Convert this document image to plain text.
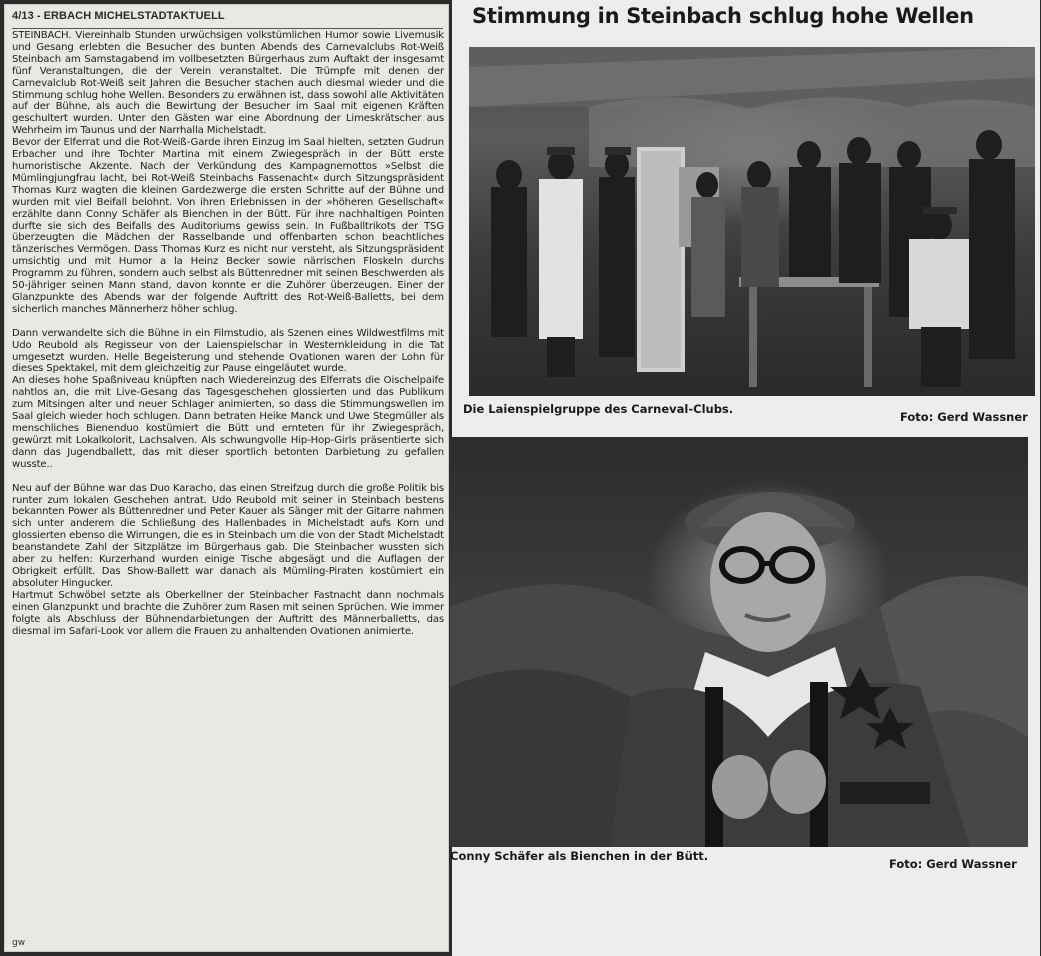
4/13 - ERBACH MICHELSTADTAKTUELL

STEINBACH. Viereinhalb Stunden urwüchsigen volkstümlichen Humor sowie Livemusik und Gesang erlebten die Besucher des bunten Abends des Carnevalclubs Rot-Weiß Steinbach am Samstagabend im vollbesetzten Bürgerhaus zum Auftakt der insgesamt fünf Veranstaltungen, die der Verein veranstaltet. Die Trümpfe mit denen der Carnevalclub Rot-Weiß seit Jahren die Besucher stachen auch diesmal wieder und die Stimmung schlug hohe Wellen. Besonders zu erwähnen ist, dass sowohl alle Aktivitäten auf der Bühne, als auch die Bewirtung der Besucher im Saal mit eigenen Kräften geschultert wurden. Unter den Gästen war eine Abordnung der Limeskrätscher aus Wehrheim im Taunus und der Narrhalla Michelstadt.

Bevor der Elferrat und die Rot-Weiß-Garde ihren Einzug im Saal hielten, setzten Gudrun Erbacher und ihre Tochter Martina mit einem Zwiegespräch in der Bütt erste humoristische Akzente. Nach der Verkündung des Kampagnemottos »Selbst die Mümlingjungfrau lacht, bei Rot-Weiß Steinbachs Fassenacht« durch Sitzungspräsident Thomas Kurz wagten die kleinen Gardezwerge die ersten Schritte auf der Bühne und wurden mit viel Beifall belohnt. Von ihren Erlebnissen in der »höheren Gesellschaft« erzählte dann Conny Schäfer als Bienchen in der Bütt. Für ihre nachhaltigen Pointen durfte sie sich des Beifalls des Auditoriums gewiss sein. In Fußballtrikots der TSG überzeugten die Mädchen der Rasselbande und offenbarten schon beachtliches tänzerisches Vermögen. Dass Thomas Kurz es nicht nur versteht, als Sitzungspräsident umsichtig und mit Humor a la Heinz Becker sowie närrischen Floskeln durchs Programm zu führen, sondern auch selbst als Büttenredner mit seinen Beschwerden als 50-jähriger seinen Mann stand, davon konnte er die Zuhörer überzeugen. Einer der Glanzpunkte des Abends war der folgende Auftritt des Rot-Weiß-Balletts, bei dem sicherlich manches Männerherz höher schlug.

Dann verwandelte sich die Bühne in ein Filmstudio, als Szenen eines Wildwestfilms mit Udo Reubold als Regisseur von der Laienspielschar in Westernkleidung in die Tat umgesetzt wurden. Helle Begeisterung und stehende Ovationen waren der Lohn für dieses Spektakel, mit dem gleichzeitig zur Pause eingeläutet wurde.

An dieses hohe Spaßniveau knüpften nach Wiedereinzug des Elferrats die Oischelpaife nahtlos an, die mit Live-Gesang das Tagesgeschehen glossierten und das Publikum zum Mitsingen alter und neuer Schlager animierten, so dass die Stimmungswellen im Saal gleich wieder hoch schlugen. Dann betraten Heike Manck und Uwe Stegmüller als menschliches Bienenduo kostümiert die Bütt und ernteten für ihr Zwiegespräch, gewürzt mit Lokalkolorit, Lachsalven. Als schwungvolle Hip-Hop-Girls präsentierte sich dann das Jugendballett, das mit dieser sportlich betonten Darbietung zu gefallen wusste..

Neu auf der Bühne war das Duo Karacho, das einen Streifzug durch die große Politik bis runter zum lokalen Geschehen antrat. Udo Reubold mit seiner in Steinbach bestens bekannten Power als Büttenredner und Peter Kauer als Sänger mit der Gitarre nahmen sich unter anderem die Schließung des Hallenbades in Michelstadt aufs Korn und glossierten ebenso die Wirrungen, die es in Steinbach um die von der Stadt Michelstadt beanstandete Zahl der Sitzplätze im Bürgerhaus gab. Die Steinbacher wussten sich aber zu helfen: Kurzerhand wurden einige Tische abgesägt und die Auflagen der Obrigkeit erfüllt. Das Show-Ballett war danach als Mümling-Piraten kostümiert ein absoluter Hingucker.

Hartmut Schwöbel setzte als Oberkellner der Steinbacher Fastnacht dann nochmals einen Glanzpunkt und brachte die Zuhörer zum Rasen mit seinen Sprüchen. Wie immer folgte als Abschluss der Bühnendarbietungen der Auftritt des Männerballetts, das diesmal im Safari-Look vor allem die Frauen zu anhaltenden Ovationen animierte.

gw
Stimmung in Steinbach schlug hohe Wellen
Die Laienspielgruppe des Carneval-Clubs.
Foto: Gerd Wassner
Conny Schäfer als Bienchen in der Bütt.
Foto: Gerd Wassner
